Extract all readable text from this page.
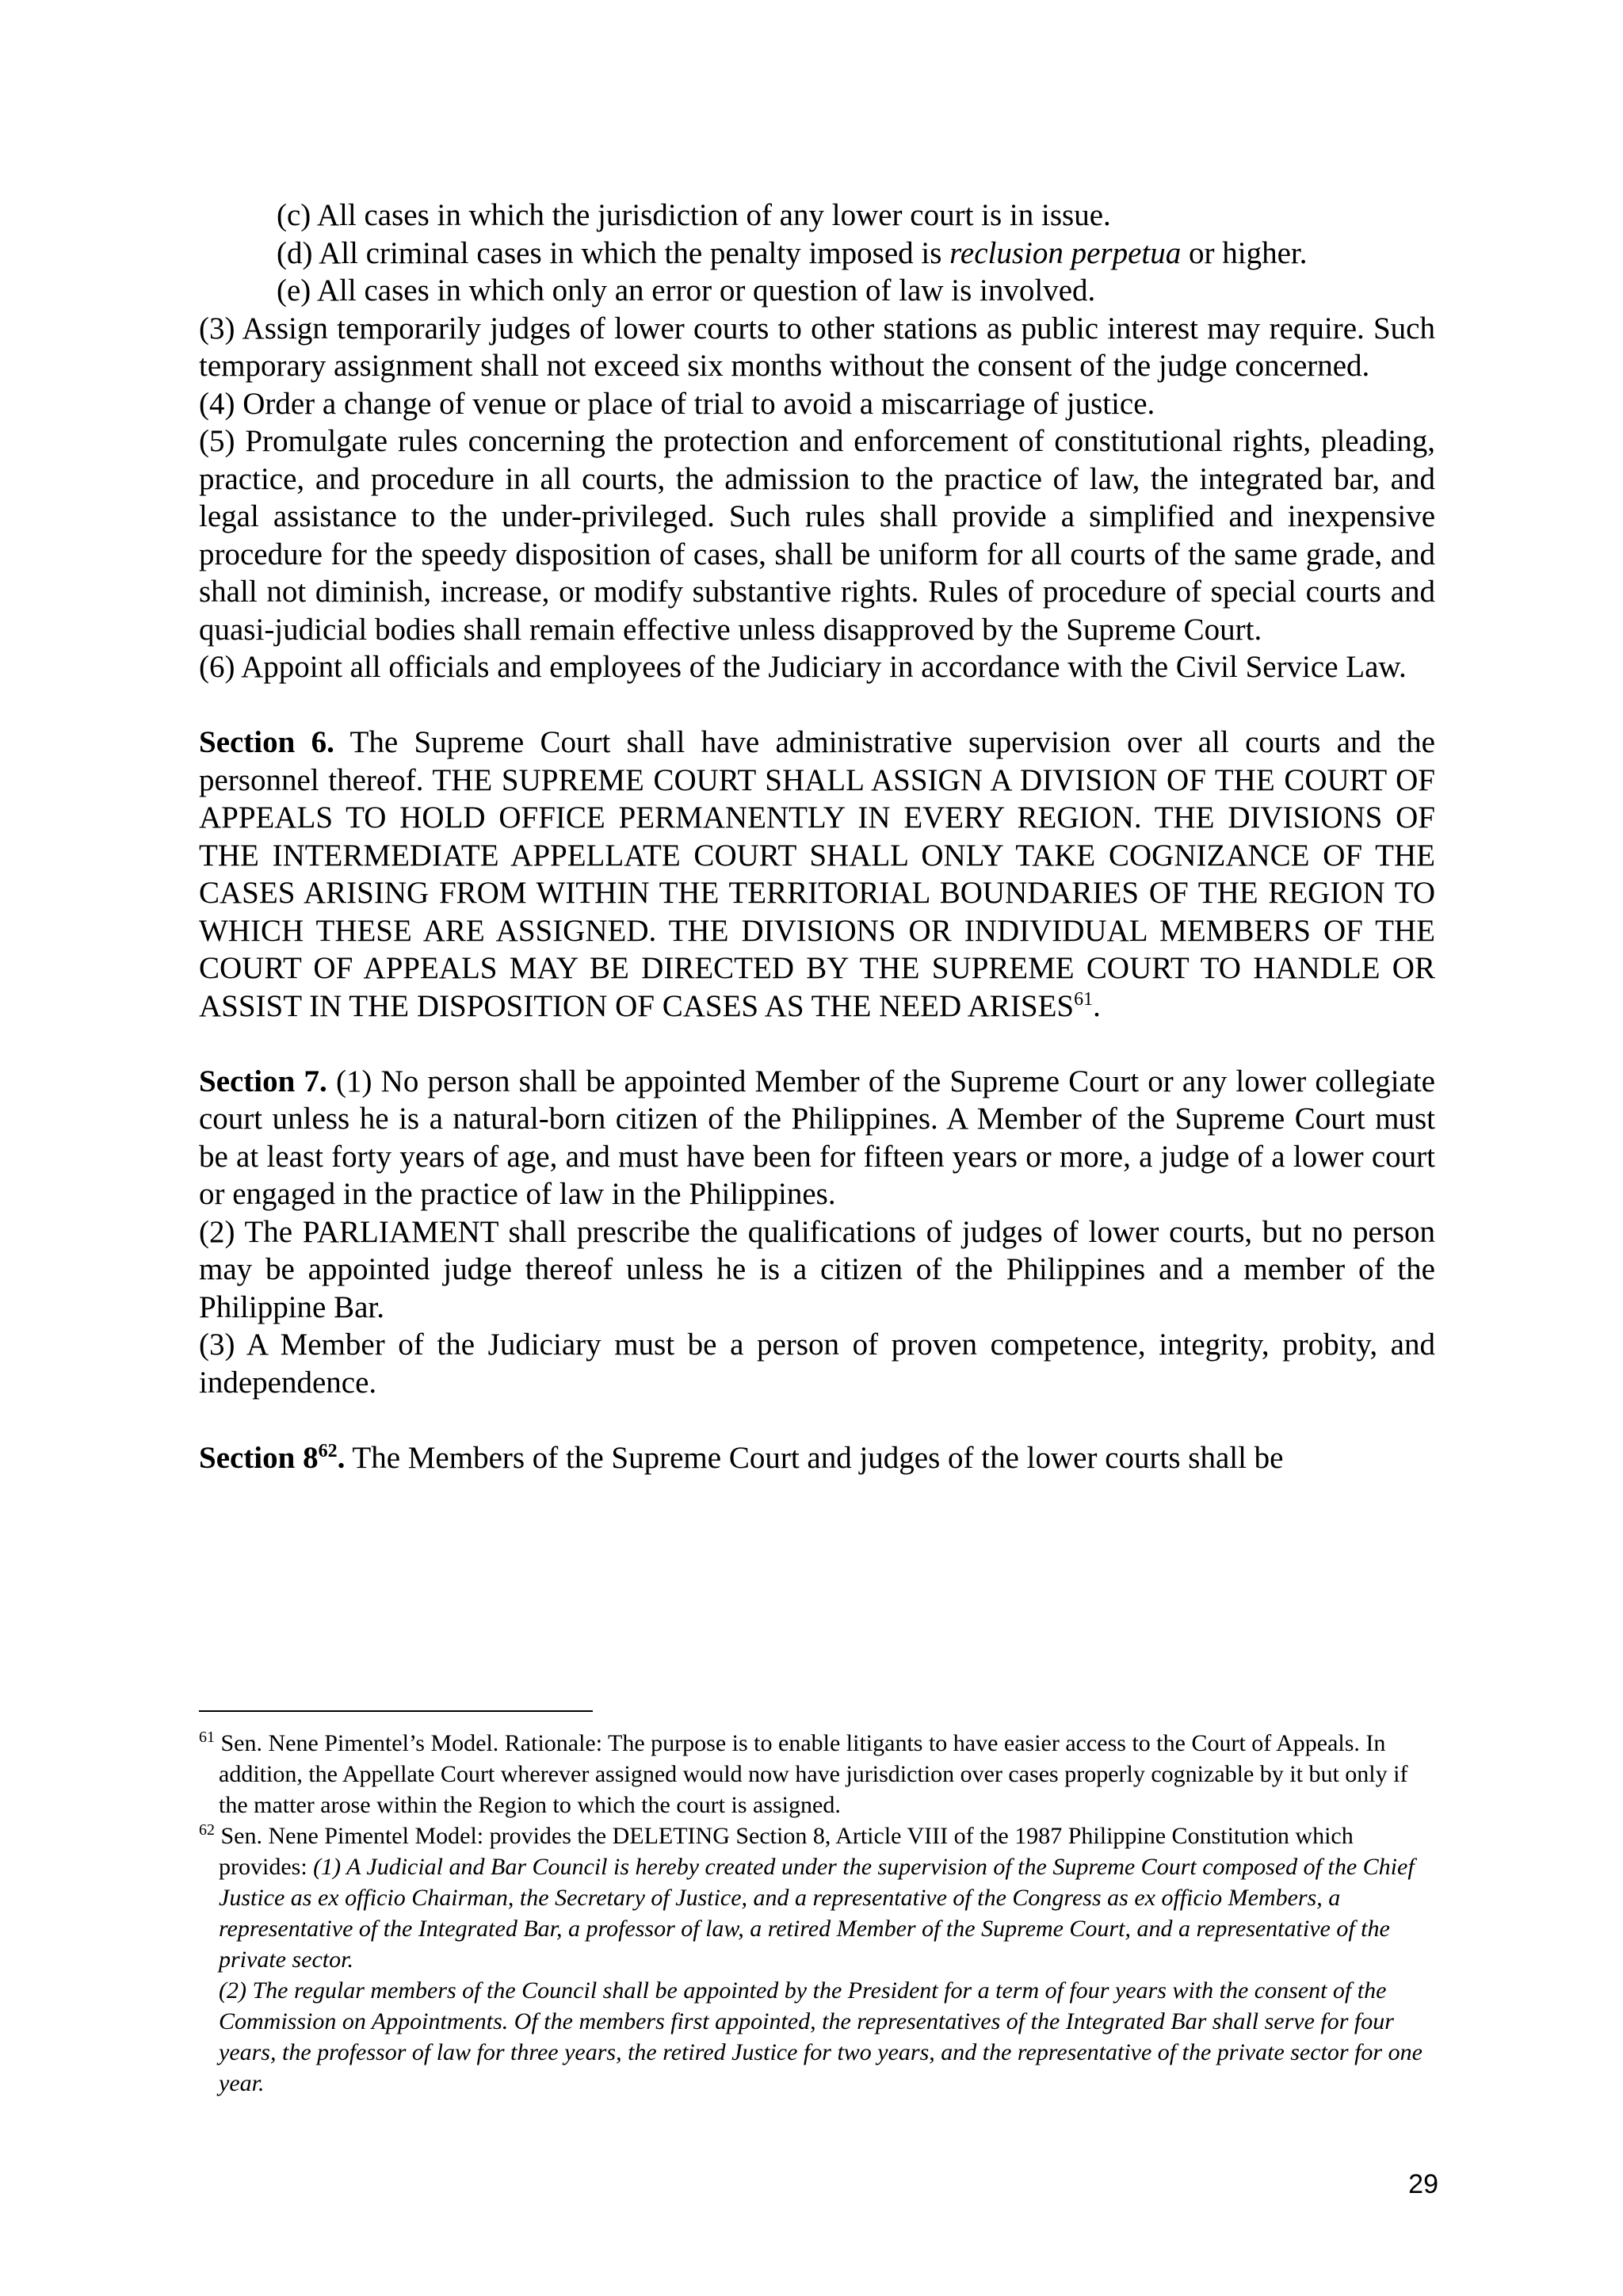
(c) All cases in which the jurisdiction of any lower court is in issue.

(d) All criminal cases in which the penalty imposed is reclusion perpetua or higher.

(e) All cases in which only an error or question of law is involved.

(3) Assign temporarily judges of lower courts to other stations as public interest may require. Such temporary assignment shall not exceed six months without the consent of the judge concerned.

(4) Order a change of venue or place of trial to avoid a miscarriage of justice.

(5) Promulgate rules concerning the protection and enforcement of constitutional rights, pleading, practice, and procedure in all courts, the admission to the practice of law, the integrated bar, and legal assistance to the under-privileged. Such rules shall provide a simplified and inexpensive procedure for the speedy disposition of cases, shall be uniform for all courts of the same grade, and shall not diminish, increase, or modify substantive rights. Rules of procedure of special courts and quasi-judicial bodies shall remain effective unless disapproved by the Supreme Court.

(6) Appoint all officials and employees of the Judiciary in accordance with the Civil Service Law.

Section 6. The Supreme Court shall have administrative supervision over all courts and the personnel thereof. THE SUPREME COURT SHALL ASSIGN A DIVISION OF THE COURT OF APPEALS TO HOLD OFFICE PERMANENTLY IN EVERY REGION. THE DIVISIONS OF THE INTERMEDIATE APPELLATE COURT SHALL ONLY TAKE COGNIZANCE OF THE CASES ARISING FROM WITHIN THE TERRITORIAL BOUNDARIES OF THE REGION TO WHICH THESE ARE ASSIGNED. THE DIVISIONS OR INDIVIDUAL MEMBERS OF THE COURT OF APPEALS MAY BE DIRECTED BY THE SUPREME COURT TO HANDLE OR ASSIST IN THE DISPOSITION OF CASES AS THE NEED ARISES$^{61}$.

Section 7. (1) No person shall be appointed Member of the Supreme Court or any lower collegiate court unless he is a natural-born citizen of the Philippines. A Member of the Supreme Court must be at least forty years of age, and must have been for fifteen years or more, a judge of a lower court or engaged in the practice of law in the Philippines.

(2) The PARLIAMENT shall prescribe the qualifications of judges of lower courts, but no person may be appointed judge thereof unless he is a citizen of the Philippines and a member of the Philippine Bar.

(3) A Member of the Judiciary must be a person of proven competence, integrity, probity, and independence.

Section $8^{62}$. The Members of the Supreme Court and judges of the lower courts shall be

$^{61}$ Sen. Nene Pimentel’s Model. Rationale: The purpose is to enable litigants to have easier access to the Court of Appeals. In addition, the Appellate Court wherever assigned would now have jurisdiction over cases properly cognizable by it but only if the matter arose within the Region to which the court is assigned.

$^{62}$ Sen. Nene Pimentel Model: provides the DELETING Section 8, Article VIII of the 1987 Philippine Constitution which provides: (1) A Judicial and Bar Council is hereby created under the supervision of the Supreme Court composed of the Chief Justice as ex officio Chairman, the Secretary of Justice, and a representative of the Congress as ex officio Members, a representative of the Integrated Bar, a professor of law, a retired Member of the Supreme Court, and a representative of the private sector.

(2) The regular members of the Council shall be appointed by the President for a term of four years with the consent of the Commission on Appointments. Of the members first appointed, the representatives of the Integrated Bar shall serve for four years, the professor of law for three years, the retired Justice for two years, and the representative of the private sector for one year.

29
